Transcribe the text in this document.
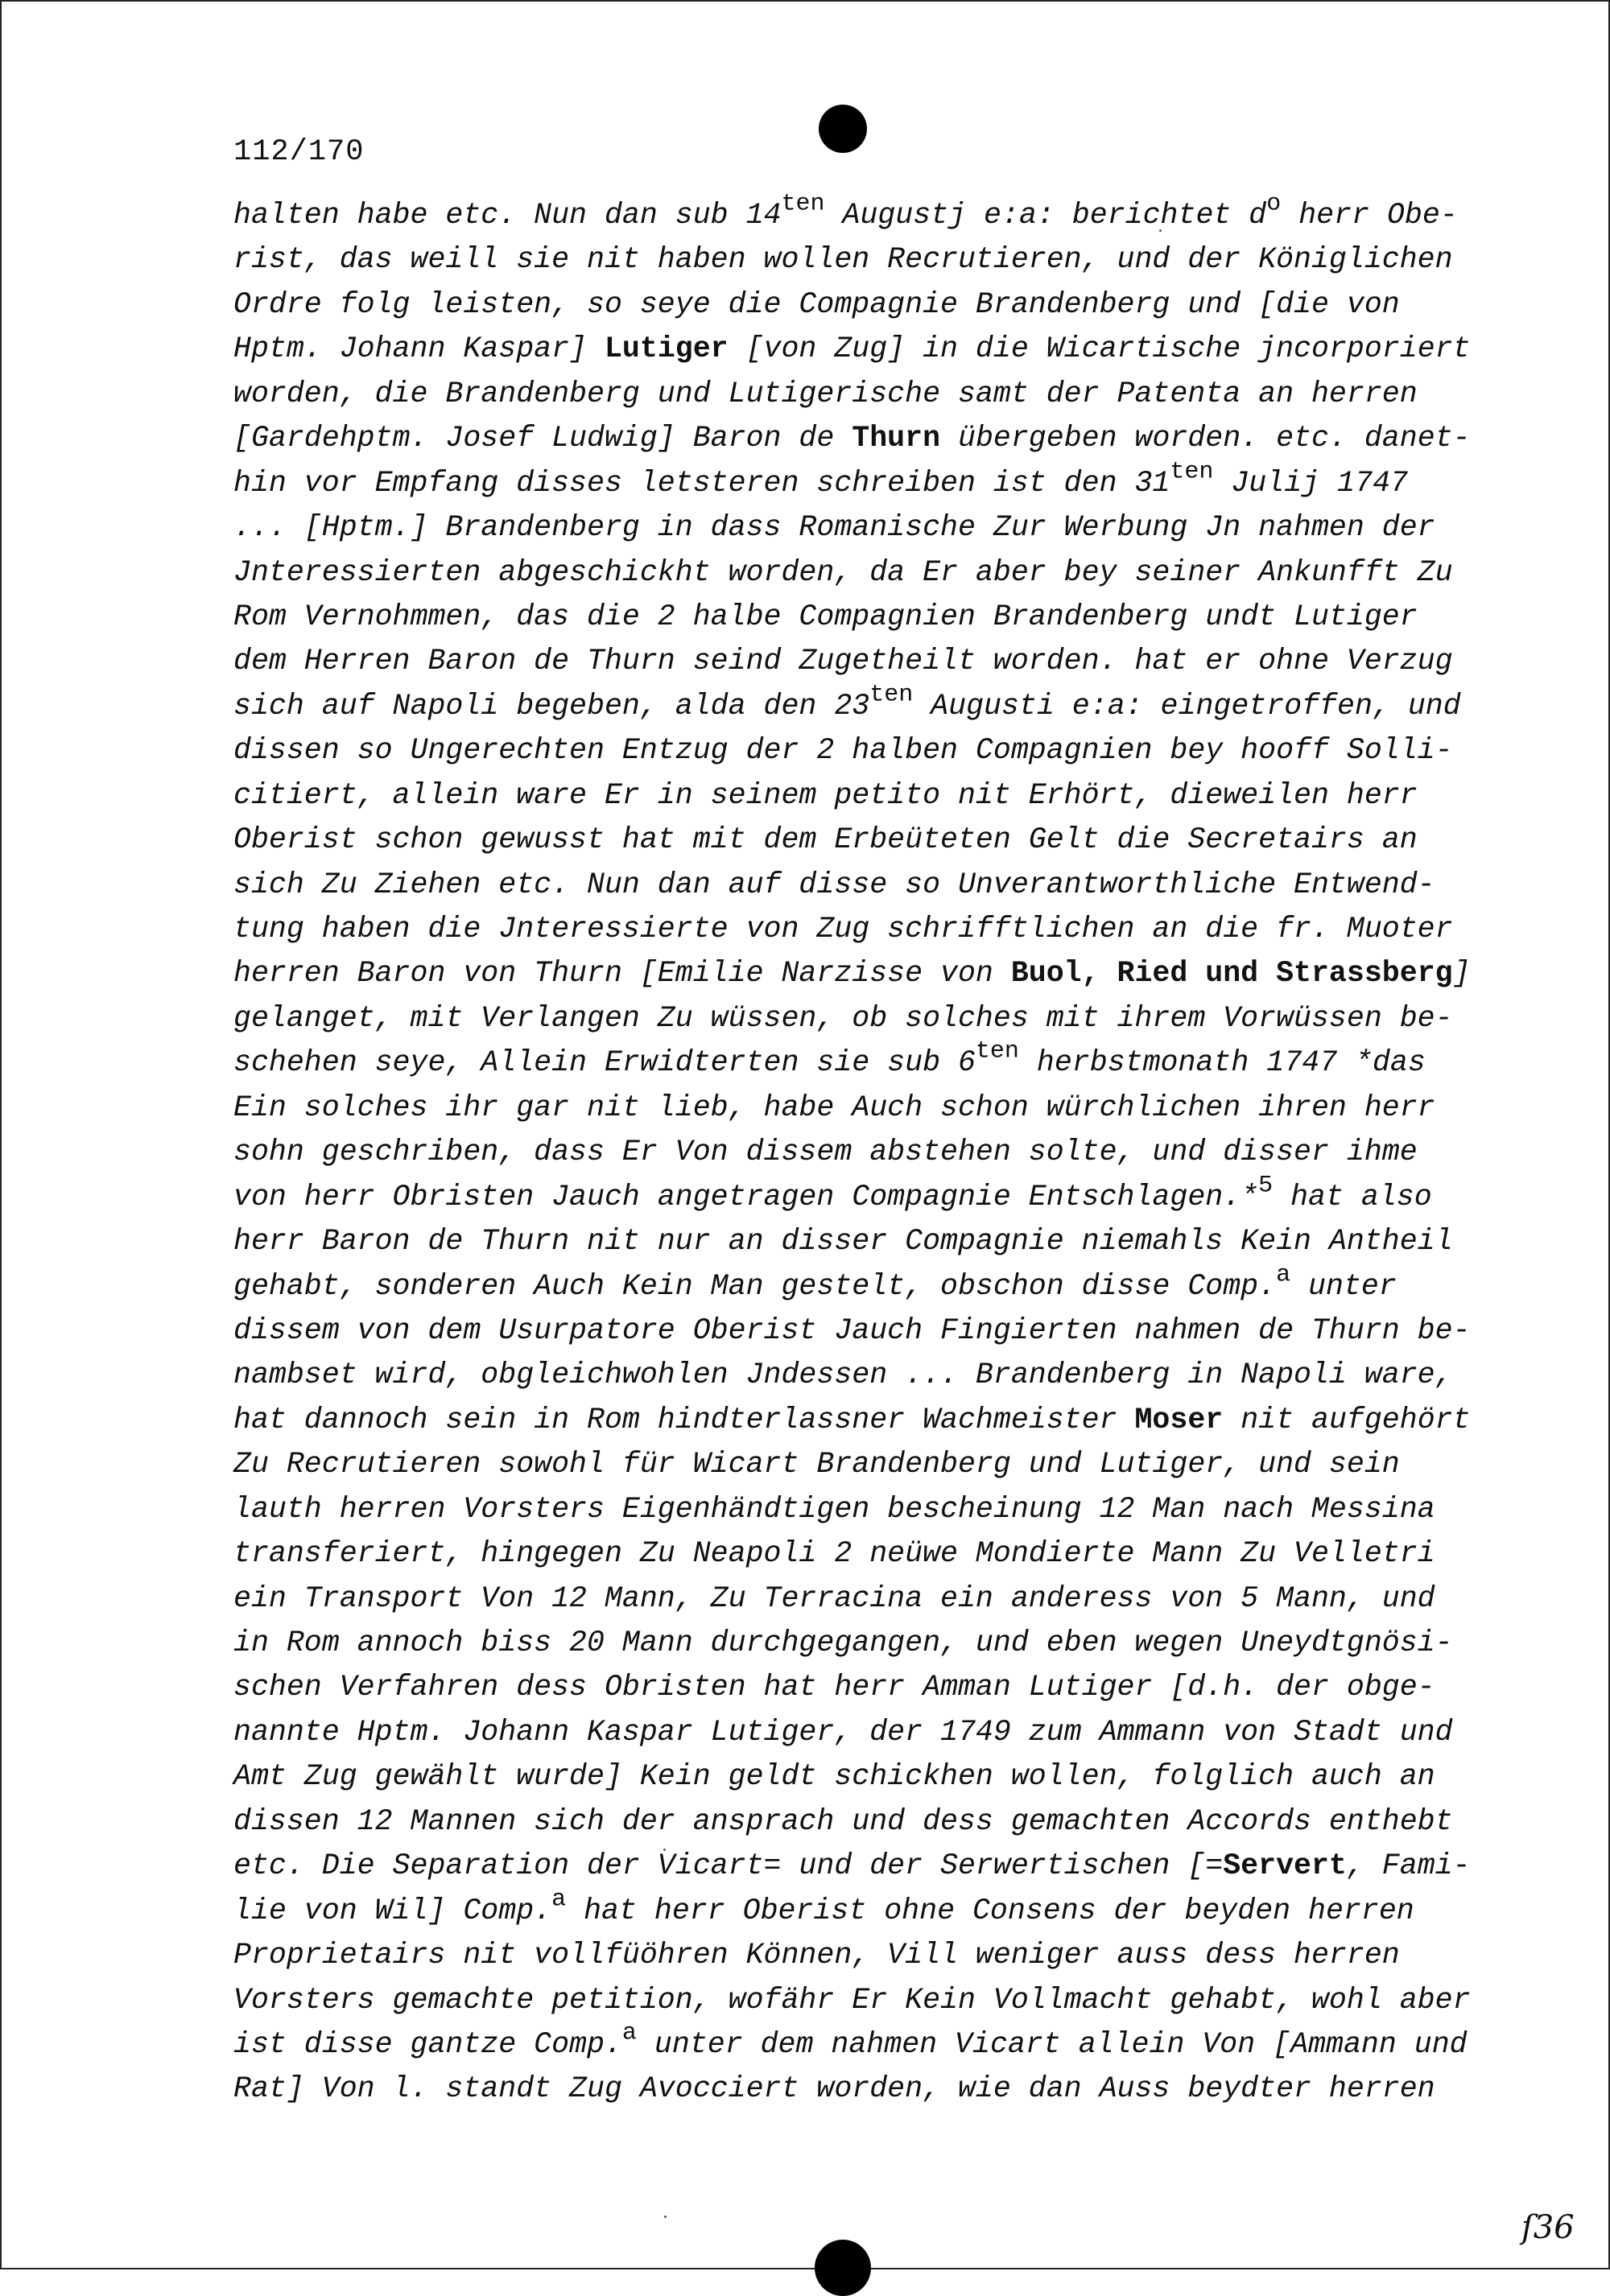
112/170
halten habe etc. Nun dan sub $14^{ten}$ Augustj e:a: berichtet $d^o$ herr Obe-
rist, das weill sie nit haben wollen Recrutieren, und der Königlichen
Ordre folg leisten, so seye die Compagnie Brandenberg und [die von
Hptm. Johann Kaspar] Lutiger [von Zug] in die Wicartische jncorporiert
worden, die Brandenberg und Lutigerische samt der Patenta an herren
[Gardehptm. Josef Ludwig] Baron de Thurn übergeben worden. etc. danet-
hin vor Empfang disses letsteren schreiben ist den $31^{ten}$ Julij 1747
... [Hptm.] Brandenberg in dass Romanische Zur Werbung Jn nahmen der
Jnteressierten abgeschickht worden, da Er aber bey seiner Ankunfft Zu
Rom Vernohmmen, das die 2 halbe Compagnien Brandenberg undt Lutiger
dem Herren Baron de Thurn seind Zugetheilt worden. hat er ohne Verzug
sich auf Napoli begeben, alda den $23^{ten}$ Augusti e:a: eingetroffen, und
dissen so Ungerechten Entzug der 2 halben Compagnien bey hooff Solli-
citiert, allein ware Er in seinem petito nit Erhört, dieweilen herr
Oberist schon gewusst hat mit dem Erbeüteten Gelt die Secretairs an
sich Zu Ziehen etc. Nun dan auf disse so Unverantworthliche Entwend-
tung haben die Jnteressierte von Zug schrifftlichen an die fr. Muoter
herren Baron von Thurn [Emilie Narzisse von Buol, Ried und Strassberg]
gelanget, mit Verlangen Zu wüssen, ob solches mit ihrem Vorwüssen be-
schehen seye, Allein Erwidterten sie sub $6^{ten}$ herbstmonath 1747 *das
Ein solches ihr gar nit lieb, habe Auch schon würchlichen ihren herr
sohn geschriben, dass Er Von dissem abstehen solte, und disser ihme
von herr Obristen Jauch angetragen Compagnie Entschlagen.*$^5$ hat also
herr Baron de Thurn nit nur an disser Compagnie niemahls Kein Antheil
gehabt, sonderen Auch Kein Man gestelt, obschon disse Comp.$^a$ unter
dissem von dem Usurpatore Oberist Jauch Fingierten nahmen de Thurn be-
nambset wird, obgleichwohlen Jndessen ... Brandenberg in Napoli ware,
hat dannoch sein in Rom hindterlassner Wachmeister Moser nit aufgehört
Zu Recrutieren sowohl für Wicart Brandenberg und Lutiger, und sein
lauth herren Vorsters Eigenhändtigen bescheinung 12 Man nach Messina
transferiert, hingegen Zu Neapoli 2 neüwe Mondierte Mann Zu Velletri
ein Transport Von 12 Mann, Zu Terracina ein anderess von 5 Mann, und
in Rom annoch biss 20 Mann durchgegangen, und eben wegen Uneydtgnösi-
schen Verfahren dess Obristen hat herr Amman Lutiger [d.h. der obge-
nannte Hptm. Johann Kaspar Lutiger, der 1749 zum Ammann von Stadt und
Amt Zug gewählt wurde] Kein geldt schickhen wollen, folglich auch an
dissen 12 Mannen sich der ansprach und dess gemachten Accords enthebt
etc. Die Separation der Vicart= und der Serwertischen [=Servert, Fami-
lie von Wil] Comp.$^a$ hat herr Oberist ohne Consens der beyden herren
Proprietairs nit vollfüöhren Können, Vill weniger auss dess herren
Vorsters gemachte petition, wofähr Er Kein Vollmacht gehabt, wohl aber
ist disse gantze Comp.$^a$ unter dem nahmen Vicart allein Von [Ammann und
Rat] Von l. standt Zug Avocciert worden, wie dan Auss beydter herren
ſ36
